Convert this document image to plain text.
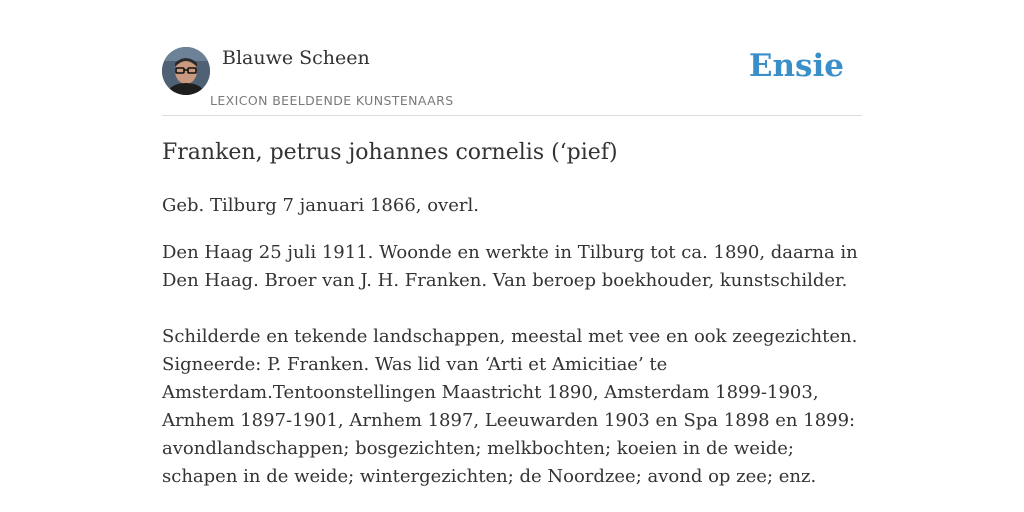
Blauwe Scheen
LEXICON BEELDENDE KUNSTENAARS
Ensie
Franken, petrus johannes cornelis (‘pief)

Geb. Tilburg 7 januari 1866, overl.

Den Haag 25 juli 1911. Woonde en werkte in Tilburg tot ca. 1890, daarna in Den Haag. Broer van J. H. Franken. Van beroep boekhouder, kunstschilder.

Schilderde en tekende landschappen, meestal met vee en ook zeegezichten. Signeerde: P. Franken. Was lid van ‘Arti et Amicitiae’ te Amsterdam.Tentoonstellingen Maastricht 1890, Amsterdam 1899-1903, Arnhem 1897-1901, Arnhem 1897, Leeuwarden 1903 en Spa 1898 en 1899: avondlandschappen; bosgezichten; melkbochten; koeien in de weide; schapen in de weide; wintergezichten; de Noordzee; avond op zee; enz.
